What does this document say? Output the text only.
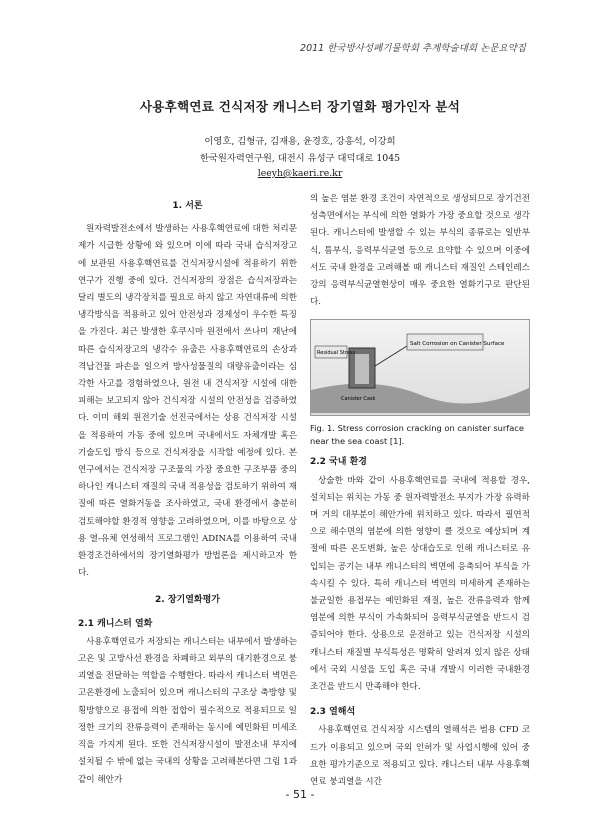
2011 한국방사성폐기물학회 추계학술대회 논문요약집
사용후핵연료 건식저장 캐니스터 장기열화 평가인자 분석
이영호, 김형규, 김재용, 윤경호, 강흥석, 이강희
한국원자력연구원, 대전시 유성구 대덕대로 1045
leeyh@kaeri.re.kr
1. 서론

원자력발전소에서 발생하는 사용후핵연료에 대한 처리문제가 시급한 상황에 와 있으며 이에 따라 국내 습식저장고에 보관된 사용후핵연료를 건식저장시설에 적용하기 위한 연구가 진행 중에 있다. 건식저장의 장점은 습식저장과는 달리 별도의 냉각장치를 필요로 하지 않고 자연대류에 의한 냉각방식을 적용하고 있어 안전성과 경제성이 우수한 특징을 가진다. 최근 발생한 후쿠시마 원전에서 쓰나미 재난에 따른 습식저장고의 냉각수 유출은 사용후핵연료의 손상과 격납건물 파손을 일으켜 방사성물질의 대량유출이라는 심각한 사고를 경험하였으나, 원전 내 건식저장 시설에 대한 피해는 보고되지 않아 건식저장 시설의 안전성을 검증하였다. 이미 해외 원전기술 선진국에서는 상용 건식저장 시설을 적용하여 가동 중에 있으며 국내에서도 자체개발 혹은 기술도입 방식 등으로 건식저장을 시작할 예정에 있다. 본 연구에서는 건식저장 구조물의 가장 중요한 구조부품 중의 하나인 캐니스터 재질의 국내 적용성을 검토하기 위하여 재질에 따른 열화거동을 조사하였고, 국내 환경에서 충분히 검토해야할 환경적 영향을 고려하였으며, 이를 바탕으로 상용 열-유체 연성해석 프로그램인 ADINA를 이용하여 국내환경조건하에서의 장기열화평가 방법론을 제시하고자 한다.

2. 장기열화평가
2.1 캐니스터 열화

사용후핵연료가 저장되는 캐니스터는 내부에서 발생하는 고온 및 고방사선 환경을 차폐하고 외부의 대기환경으로 붕괴열을 전달하는 역할을 수행한다. 따라서 캐니스터 벽면은 고온환경에 노출되어 있으며 캐니스터의 구조상 축방향 및 횡방향으로 용접에 의한 접합이 필수적으로 적용되므로 일정한 크기의 잔류응력이 존재하는 동시에 예민화된 미세조직을 가지게 된다. 또한 건식저장시설이 발전소내 부지에 설치될 수 밖에 없는 국내의 상황을 고려해본다면 그림 1과 같이 해안가

의 높은 염분 환경 조건이 자연적으로 생성되므로 장기건전성측면에서는 부식에 의한 열화가 가장 중요할 것으로 생각된다. 캐니스터에 발생할 수 있는 부식의 종류로는 일반부식, 틈부식, 응력부식균열 등으로 요약할 수 있으며 이중에서도 국내 환경을 고려해볼 때 캐니스터 재질인 스테인레스 강의 응력부식균열현상이 매우 중요한 열화기구로 판단된다.

Salt Corrosion on Canister Surface
Residual Stress
Canister Cask
Fig. 1. Stress corrosion cracking on canister surface near the sea coast [1].
2.2 국내 환경

상술한 바와 같이 사용후핵연료를 국내에 적용할 경우, 설치되는 위치는 가동 중 원자력발전소 부지가 가장 유력하며 거의 대부분이 해안가에 위치하고 있다. 따라서 필연적으로 해수면의 염분에 의한 영향이 클 것으로 예상되며 계절에 따른 온도변화, 높은 상대습도로 인해 캐니스터로 유입되는 공기는 내부 캐니스터의 벽면에 응축되어 부식을 가속시킬 수 있다. 특히 캐니스터 벽면의 미세하게 존재하는 불균일한 용접부는 예민화된 재질, 높은 잔류응력과 함께 염분에 의한 부식이 가속화되어 응력부식균열을 반드시 검증되어야 한다. 상용으로 운전하고 있는 건식저장 시설의 캐니스터 재질별 부식특성은 명확히 알려져 있지 않은 상태에서 국외 시설을 도입 혹은 국내 개발시 이러한 국내환경조건을 반드시 만족해야 한다.

2.3 열해석

사용후핵연료 건식저장 시스템의 열해석은 범용 CFD 코드가 이용되고 있으며 국외 인허가 및 사업시행에 있어 중요한 평가기준으로 적용되고 있다. 캐니스터 내부 사용후핵연료 붕괴열을 시간

- 51 -
